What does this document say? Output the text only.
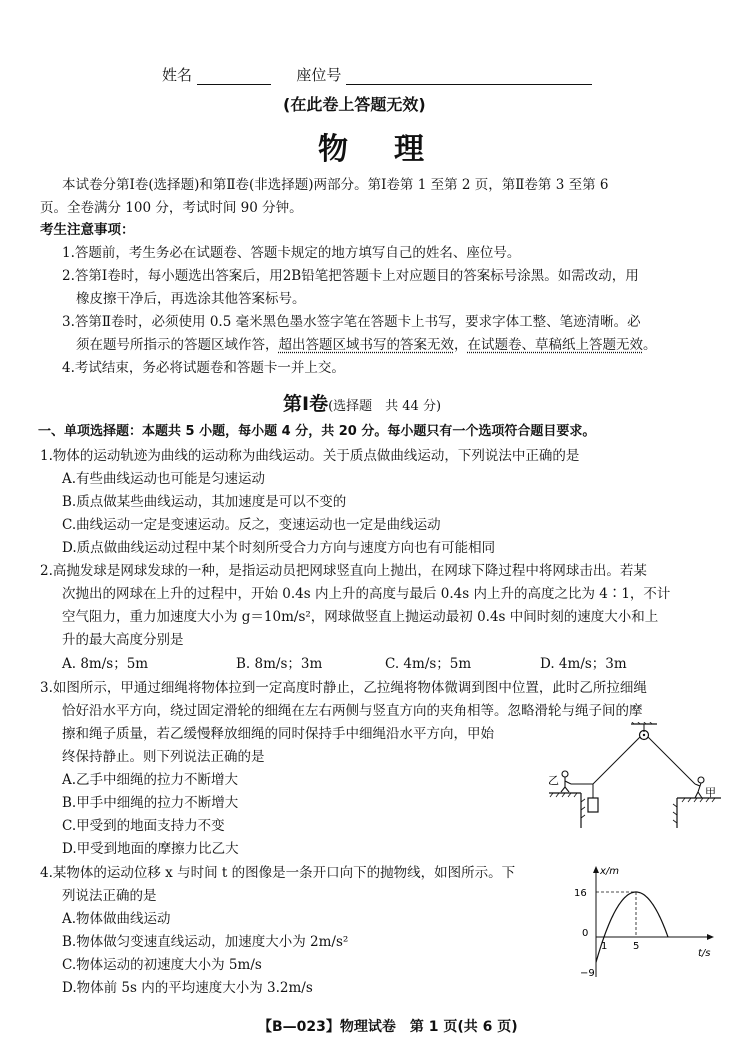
姓名	座位号
(在此卷上答题无效)
物理
本试卷分第Ⅰ卷(选择题)和第Ⅱ卷(非选择题)两部分。第Ⅰ卷第 1 至第 2 页，第Ⅱ卷第 3 至第 6
页。全卷满分 100 分，考试时间 90 分钟。
考生注意事项：
1.答题前，考生务必在试题卷、答题卡规定的地方填写自己的姓名、座位号。
2.答第Ⅰ卷时，每小题选出答案后，用2B铅笔把答题卡上对应题目的答案标号涂黑。如需改动，用
橡皮擦干净后，再选涂其他答案标号。
3.答第Ⅱ卷时，必须使用 0.5 毫米黑色墨水签字笔在答题卡上书写，要求字体工整、笔迹清晰。必
须在题号所指示的答题区域作答，超出答题区域书写的答案无效，在试题卷、草稿纸上答题无效。
4.考试结束，务必将试题卷和答题卡一并上交。
第Ⅰ卷(选择题　共 44 分)
一、单项选择题：本题共 5 小题，每小题 4 分，共 20 分。每小题只有一个选项符合题目要求。
1.物体的运动轨迹为曲线的运动称为曲线运动。关于质点做曲线运动，下列说法中正确的是
A.有些曲线运动也可能是匀速运动
B.质点做某些曲线运动，其加速度是可以不变的
C.曲线运动一定是变速运动。反之，变速运动也一定是曲线运动
D.质点做曲线运动过程中某个时刻所受合力方向与速度方向也有可能相同
2.高抛发球是网球发球的一种，是指运动员把网球竖直向上抛出，在网球下降过程中将网球击出。若某
次抛出的网球在上升的过程中，开始 0.4s 内上升的高度与最后 0.4s 内上升的高度之比为 4∶1，不计
空气阻力，重力加速度大小为 g＝10m/s²，网球做竖直上抛运动最初 0.4s 中间时刻的速度大小和上
升的最大高度分别是
A. 8m/s；5m	B. 8m/s；3m	C. 4m/s；5m	D. 4m/s；3m
3.如图所示，甲通过细绳将物体拉到一定高度时静止，乙拉绳将物体微调到图中位置，此时乙所拉细绳
恰好沿水平方向，绕过固定滑轮的细绳在左右两侧与竖直方向的夹角相等。忽略滑轮与绳子间的摩
擦和绳子质量，若乙缓慢释放细绳的同时保持手中细绳沿水平方向，甲始
终保持静止。则下列说法正确的是
A.乙手中细绳的拉力不断增大
B.甲手中细绳的拉力不断增大
C.甲受到的地面支持力不变
D.甲受到地面的摩擦力比乙大
乙
甲
4.某物体的运动位移 x 与时间 t 的图像是一条开口向下的抛物线，如图所示。下
列说法正确的是
A.物体做曲线运动
B.物体做匀变速直线运动，加速度大小为 2m/s²
C.物体运动的初速度大小为 5m/s
D.物体前 5s 内的平均速度大小为 3.2m/s
16
0
−9
1	5
t/s
x/m
【B—023】物理试卷　第 1 页(共 6 页)
